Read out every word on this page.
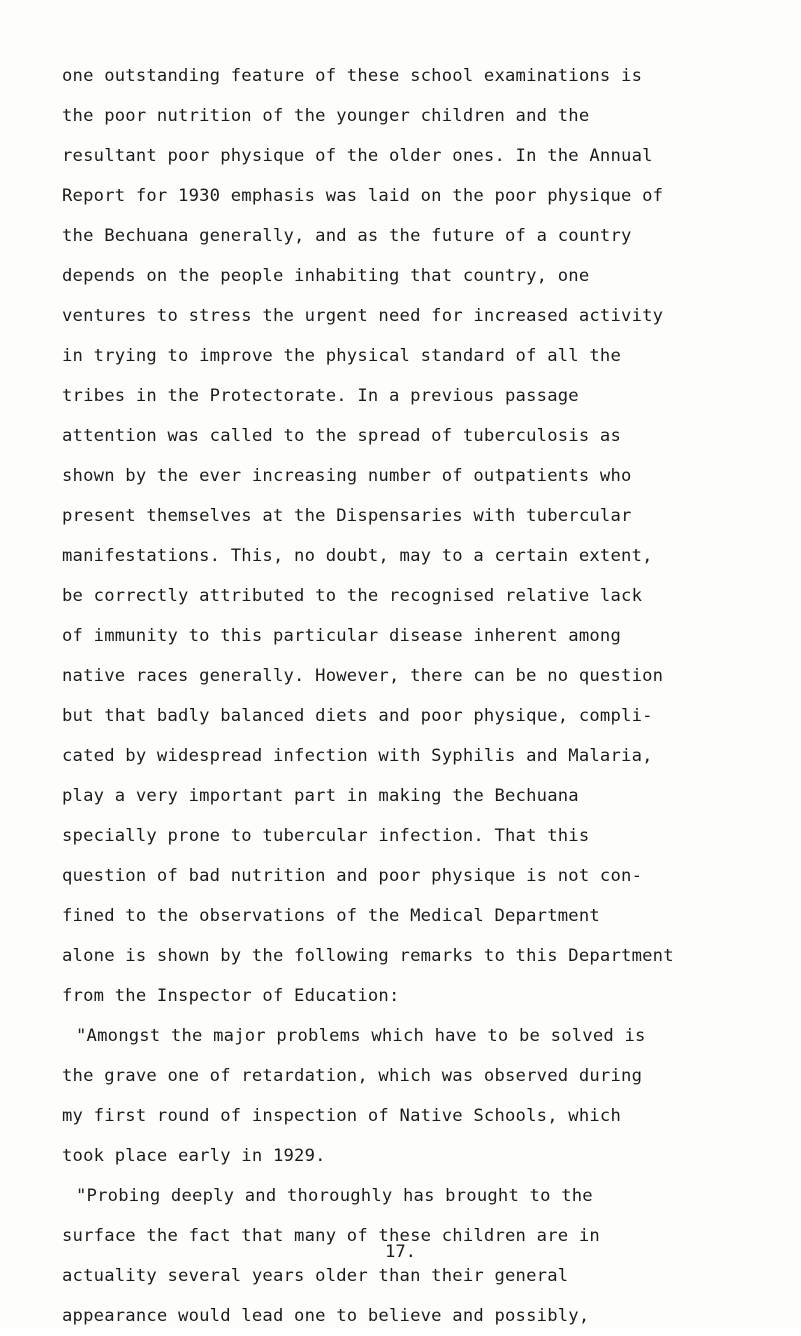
one outstanding feature of these school examinations is
the poor nutrition of the younger children and the
resultant poor physique of the older ones. In the Annual
Report for 1930 emphasis was laid on the poor physique of
the Bechuana generally, and as the future of a country
depends on the people inhabiting that country, one
ventures to stress the urgent need for increased activity
in trying to improve the physical standard of all the
tribes in the Protectorate. In a previous passage
attention was called to the spread of tuberculosis as
shown by the ever increasing number of outpatients who
present themselves at the Dispensaries with tubercular
manifestations. This, no doubt, may to a certain extent,
be correctly attributed to the recognised relative lack
of immunity to this particular disease inherent among
native races generally. However, there can be no question
but that badly balanced diets and poor physique, compli-
cated by widespread infection with Syphilis and Malaria,
play a very important part in making the Bechuana
specially prone to tubercular infection. That this
question of bad nutrition and poor physique is not con-
fined to the observations of the Medical Department
alone is shown by the following remarks to this Department
from the Inspector of Education:
"Amongst the major problems which have to be solved is
the grave one of retardation, which was observed during
my first round of inspection of Native Schools, which
took place early in 1929.
"Probing deeply and thoroughly has brought to the
surface the fact that many of these children are in
actuality several years older than their general
appearance would lead one to believe and possibly,
17.
